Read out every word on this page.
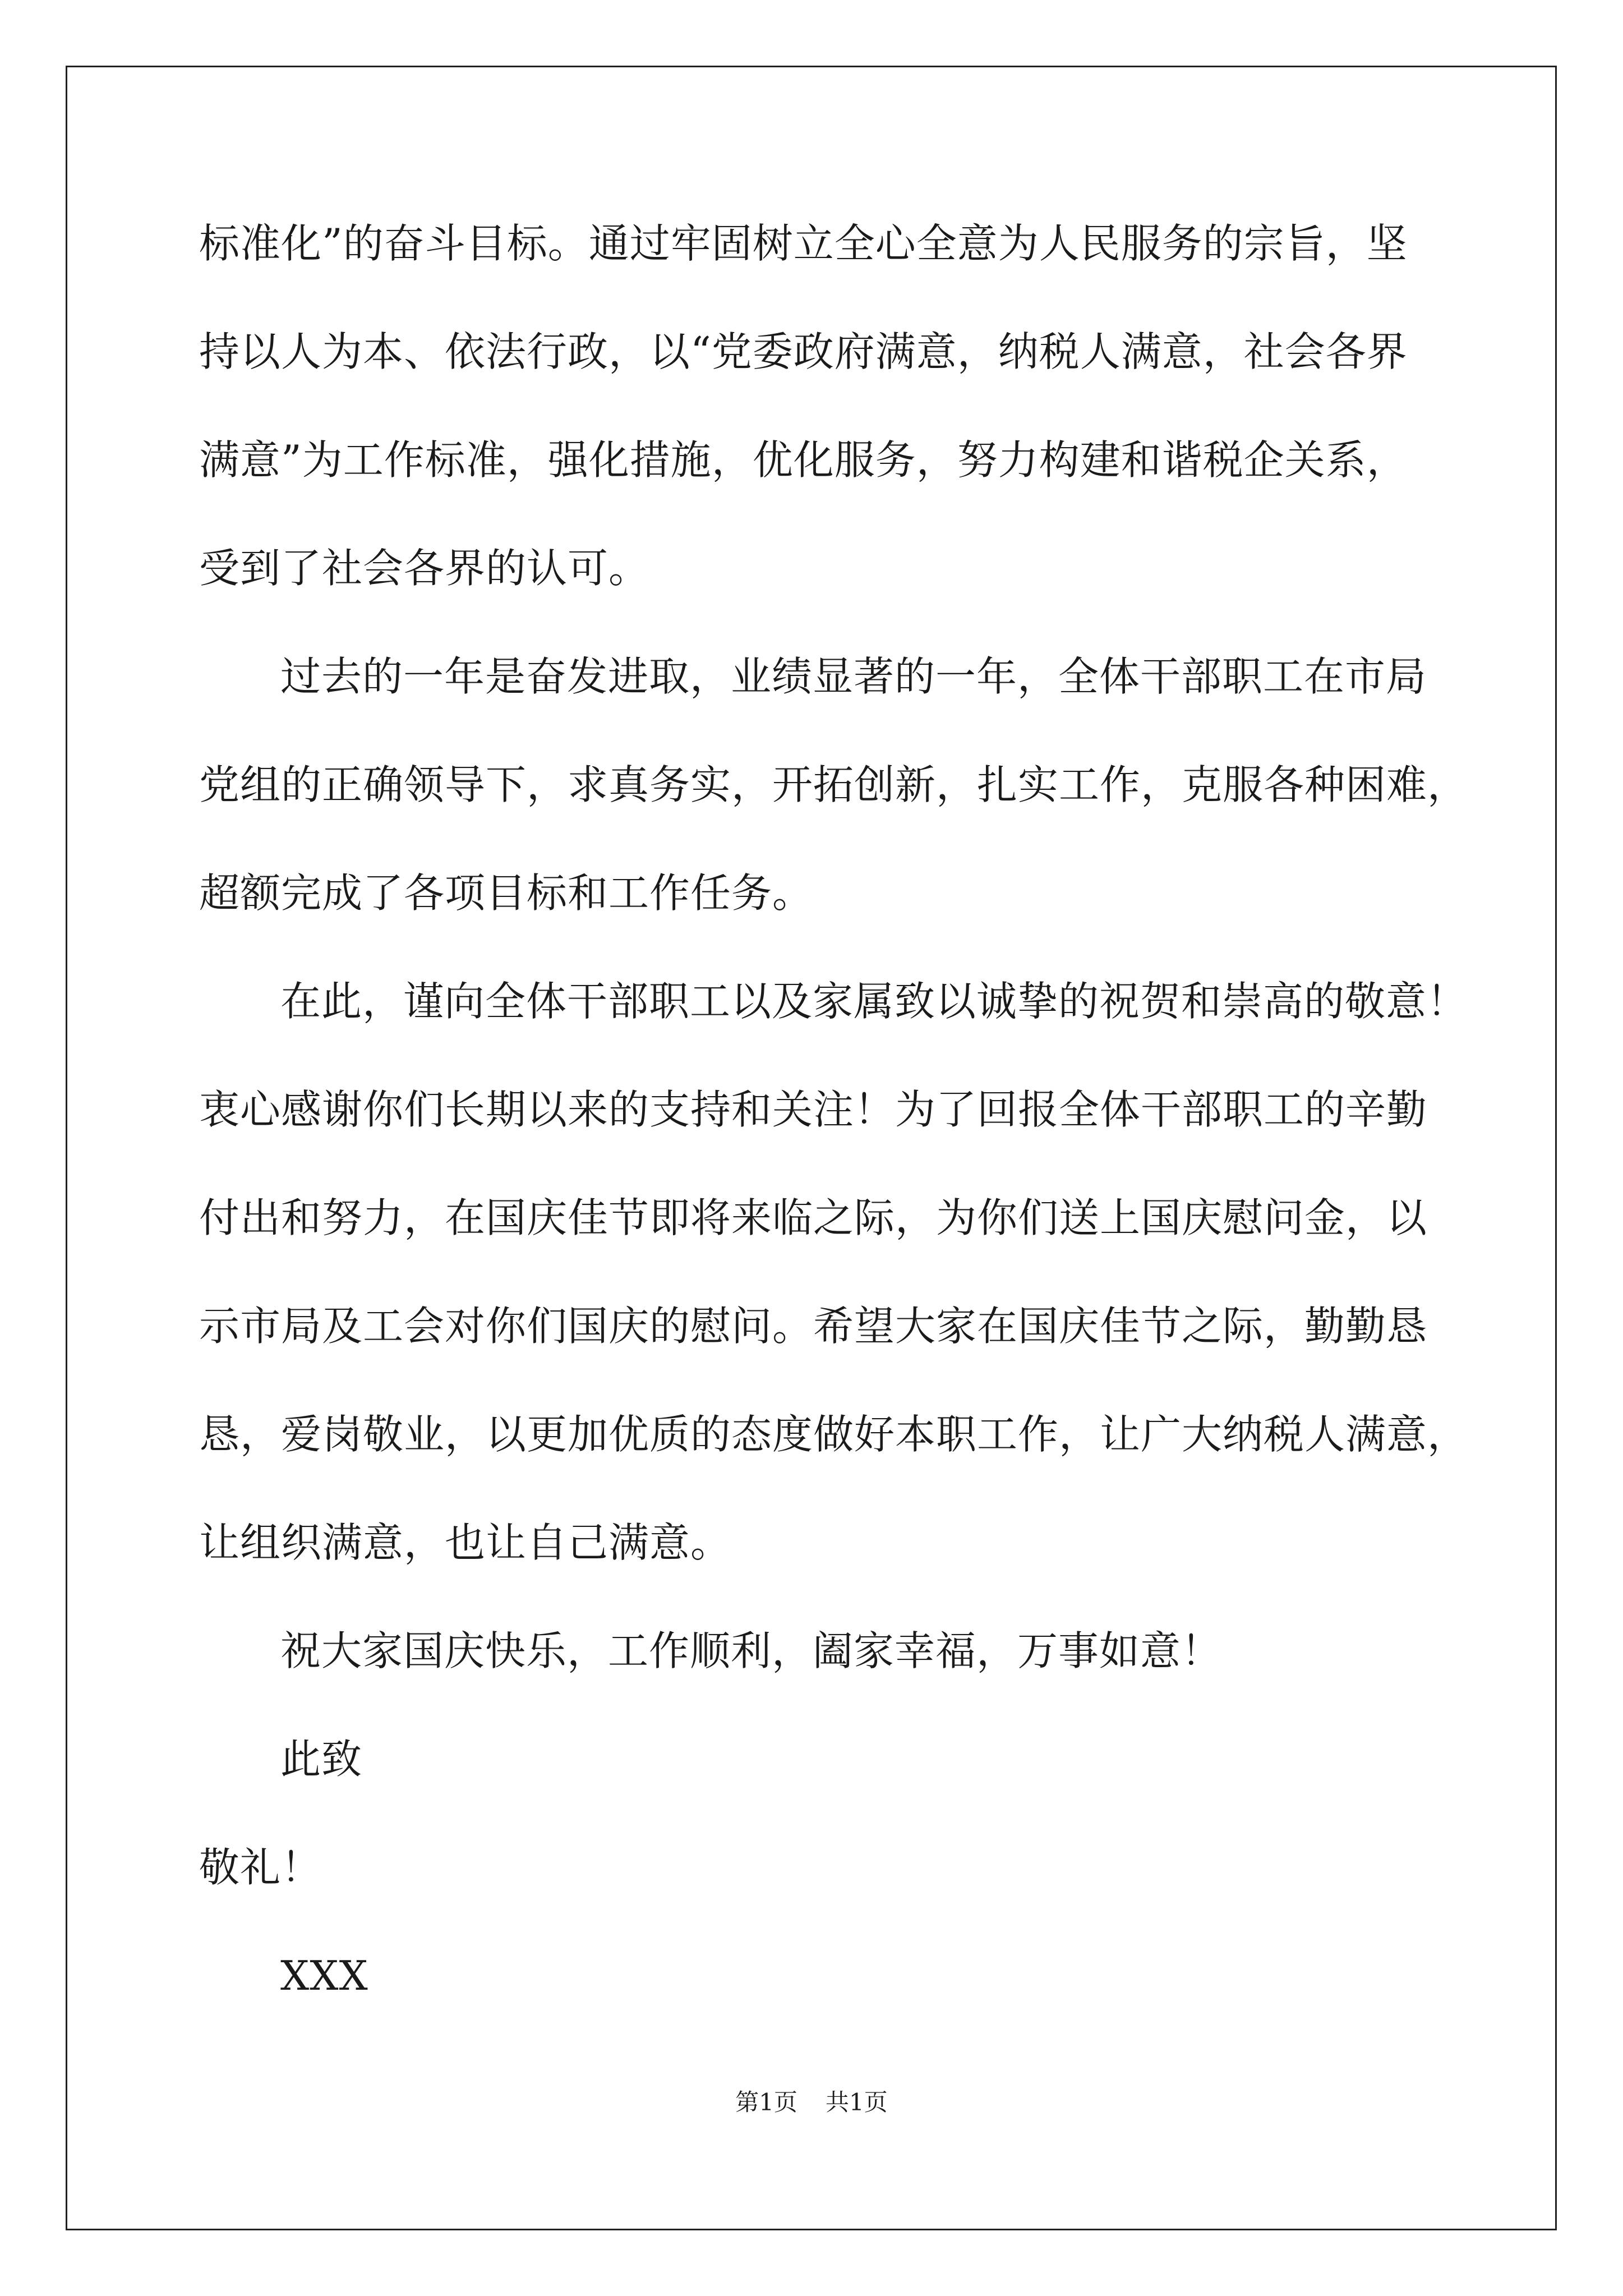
标准化”的奋斗目标。通过牢固树立全心全意为人民服务的宗旨，坚
持以人为本、依法行政，以“党委政府满意，纳税人满意，社会各界
满意”为工作标准，强化措施，优化服务，努力构建和谐税企关系，
受到了社会各界的认可。
过去的一年是奋发进取，业绩显著的一年，全体干部职工在市局
党组的正确领导下，求真务实，开拓创新，扎实工作，克服各种困难，
超额完成了各项目标和工作任务。
在此，谨向全体干部职工以及家属致以诚挚的祝贺和崇高的敬意！
衷心感谢你们长期以来的支持和关注！为了回报全体干部职工的辛勤
付出和努力，在国庆佳节即将来临之际，为你们送上国庆慰问金，以
示市局及工会对你们国庆的慰问。希望大家在国庆佳节之际，勤勤恳
恳，爱岗敬业，以更加优质的态度做好本职工作，让广大纳税人满意，
让组织满意，也让自己满意。
祝大家国庆快乐，工作顺利，阖家幸福，万事如意！
此致
敬礼！
XXX
第1页 共1页
